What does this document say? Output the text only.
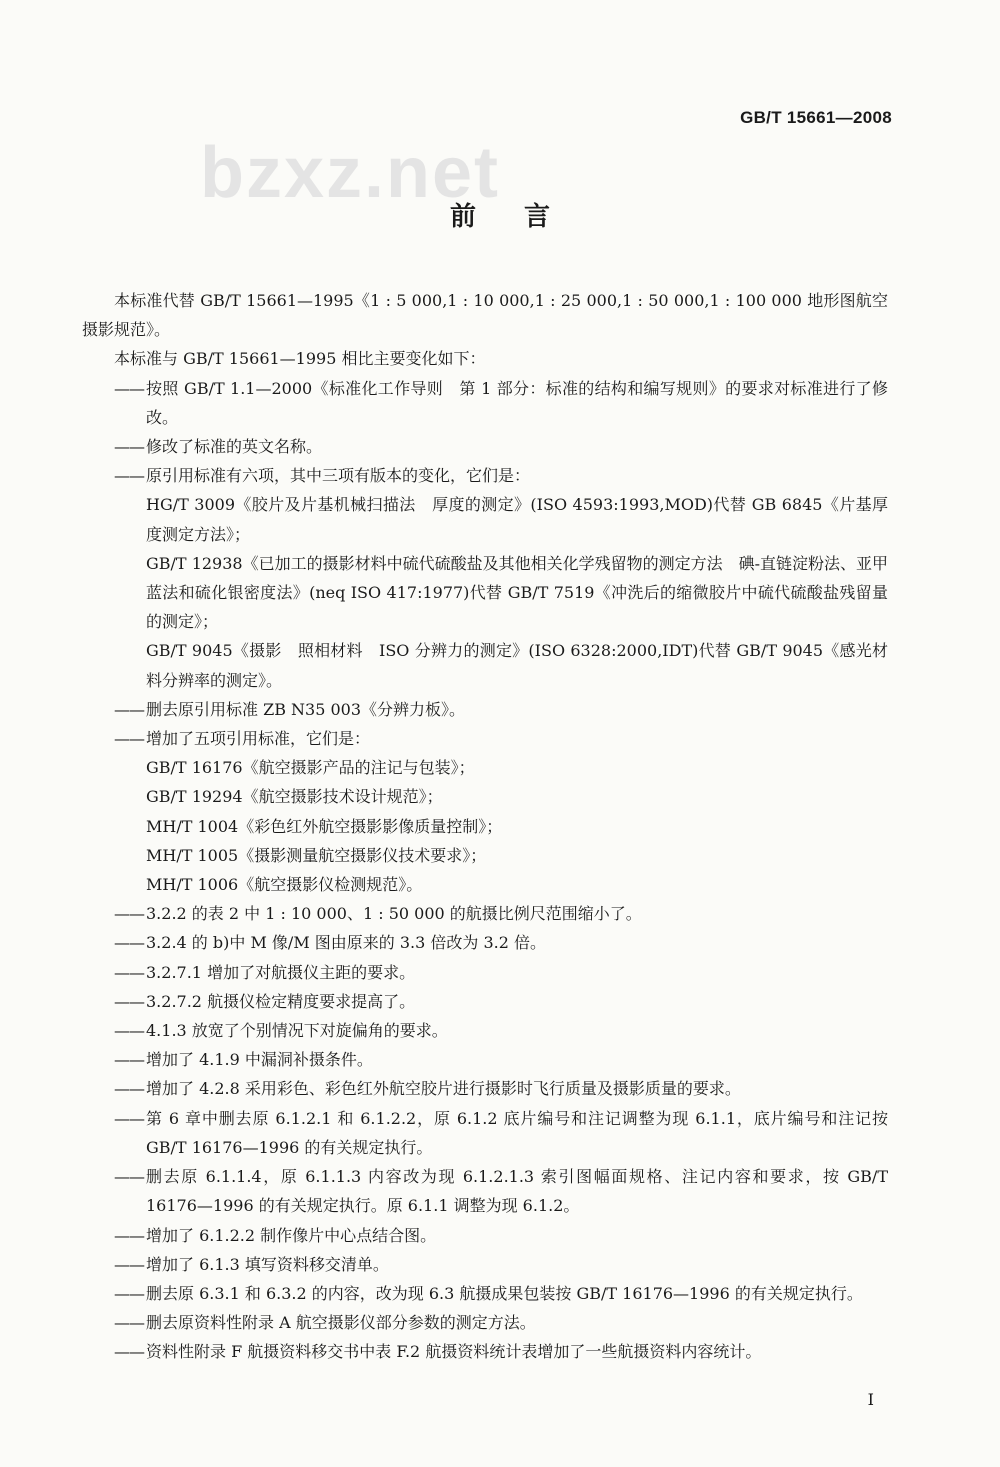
bzxz.net
GB/T 15661—2008
前言
本标准代替 GB/T 15661—1995《1 : 5 000,1 : 10 000,1 : 25 000,1 : 50 000,1 : 100 000 地形图航空摄影规范》。
本标准与 GB/T 15661—1995 相比主要变化如下：
—— 按照 GB/T 1.1—2000《标准化工作导则　第 1 部分：标准的结构和编写规则》的要求对标准进行了修改。
—— 修改了标准的英文名称。
—— 原引用标准有六项，其中三项有版本的变化，它们是：
HG/T 3009《胶片及片基机械扫描法　厚度的测定》(ISO 4593:1993,MOD)代替 GB 6845《片基厚度测定方法》；
GB/T 12938《已加工的摄影材料中硫代硫酸盐及其他相关化学残留物的测定方法　碘-直链淀粉法、亚甲蓝法和硫化银密度法》(neq ISO 417:1977)代替 GB/T 7519《冲洗后的缩微胶片中硫代硫酸盐残留量的测定》；
GB/T 9045《摄影　照相材料　ISO 分辨力的测定》(ISO 6328:2000,IDT)代替 GB/T 9045《感光材料分辨率的测定》。
—— 删去原引用标准 ZB N35 003《分辨力板》。
—— 增加了五项引用标准，它们是：
GB/T 16176《航空摄影产品的注记与包装》；
GB/T 19294《航空摄影技术设计规范》；
MH/T 1004《彩色红外航空摄影影像质量控制》；
MH/T 1005《摄影测量航空摄影仪技术要求》；
MH/T 1006《航空摄影仪检测规范》。
—— 3.2.2 的表 2 中 1 : 10 000、1 : 50 000 的航摄比例尺范围缩小了。
—— 3.2.4 的 b)中 M 像/M 图由原来的 3.3 倍改为 3.2 倍。
—— 3.2.7.1 增加了对航摄仪主距的要求。
—— 3.2.7.2 航摄仪检定精度要求提高了。
—— 4.1.3 放宽了个别情况下对旋偏角的要求。
—— 增加了 4.1.9 中漏洞补摄条件。
—— 增加了 4.2.8 采用彩色、彩色红外航空胶片进行摄影时飞行质量及摄影质量的要求。
—— 第 6 章中删去原 6.1.2.1 和 6.1.2.2，原 6.1.2 底片编号和注记调整为现 6.1.1，底片编号和注记按 GB/T 16176—1996 的有关规定执行。
—— 删去原 6.1.1.4，原 6.1.1.3 内容改为现 6.1.2.1.3 索引图幅面规格、注记内容和要求，按 GB/T 16176—1996 的有关规定执行。原 6.1.1 调整为现 6.1.2。
—— 增加了 6.1.2.2 制作像片中心点结合图。
—— 增加了 6.1.3 填写资料移交清单。
—— 删去原 6.3.1 和 6.3.2 的内容，改为现 6.3 航摄成果包装按 GB/T 16176—1996 的有关规定执行。
—— 删去原资料性附录 A 航空摄影仪部分参数的测定方法。
—— 资料性附录 F 航摄资料移交书中表 F.2 航摄资料统计表增加了一些航摄资料内容统计。
I
